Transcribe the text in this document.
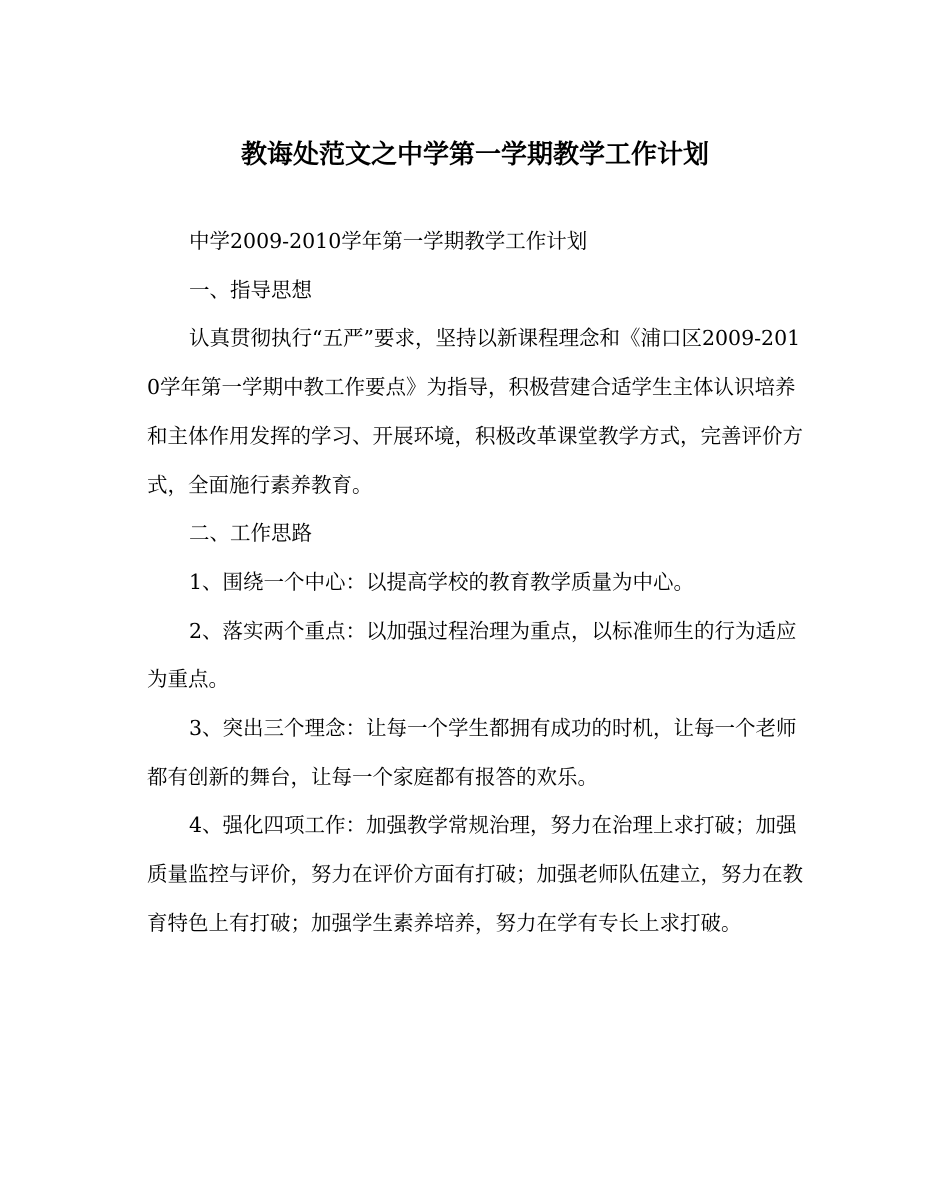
教诲处范文之中学第一学期教学工作计划

中学2009-2010学年第一学期教学工作计划

一、指导思想

认真贯彻执行“五严”要求，坚持以新课程理念和《浦口区2009-2010学年第一学期中教工作要点》为指导，积极营建合适学生主体认识培养和主体作用发挥的学习、开展环境，积极改革课堂教学方式，完善评价方式，全面施行素养教育。

二、工作思路

1、围绕一个中心：以提高学校的教育教学质量为中心。

2、落实两个重点：以加强过程治理为重点，以标准师生的行为适应为重点。

3、突出三个理念：让每一个学生都拥有成功的时机，让每一个老师都有创新的舞台，让每一个家庭都有报答的欢乐。

4、强化四项工作：加强教学常规治理，努力在治理上求打破；加强质量监控与评价，努力在评价方面有打破；加强老师队伍建立，努力在教育特色上有打破；加强学生素养培养，努力在学有专长上求打破。
